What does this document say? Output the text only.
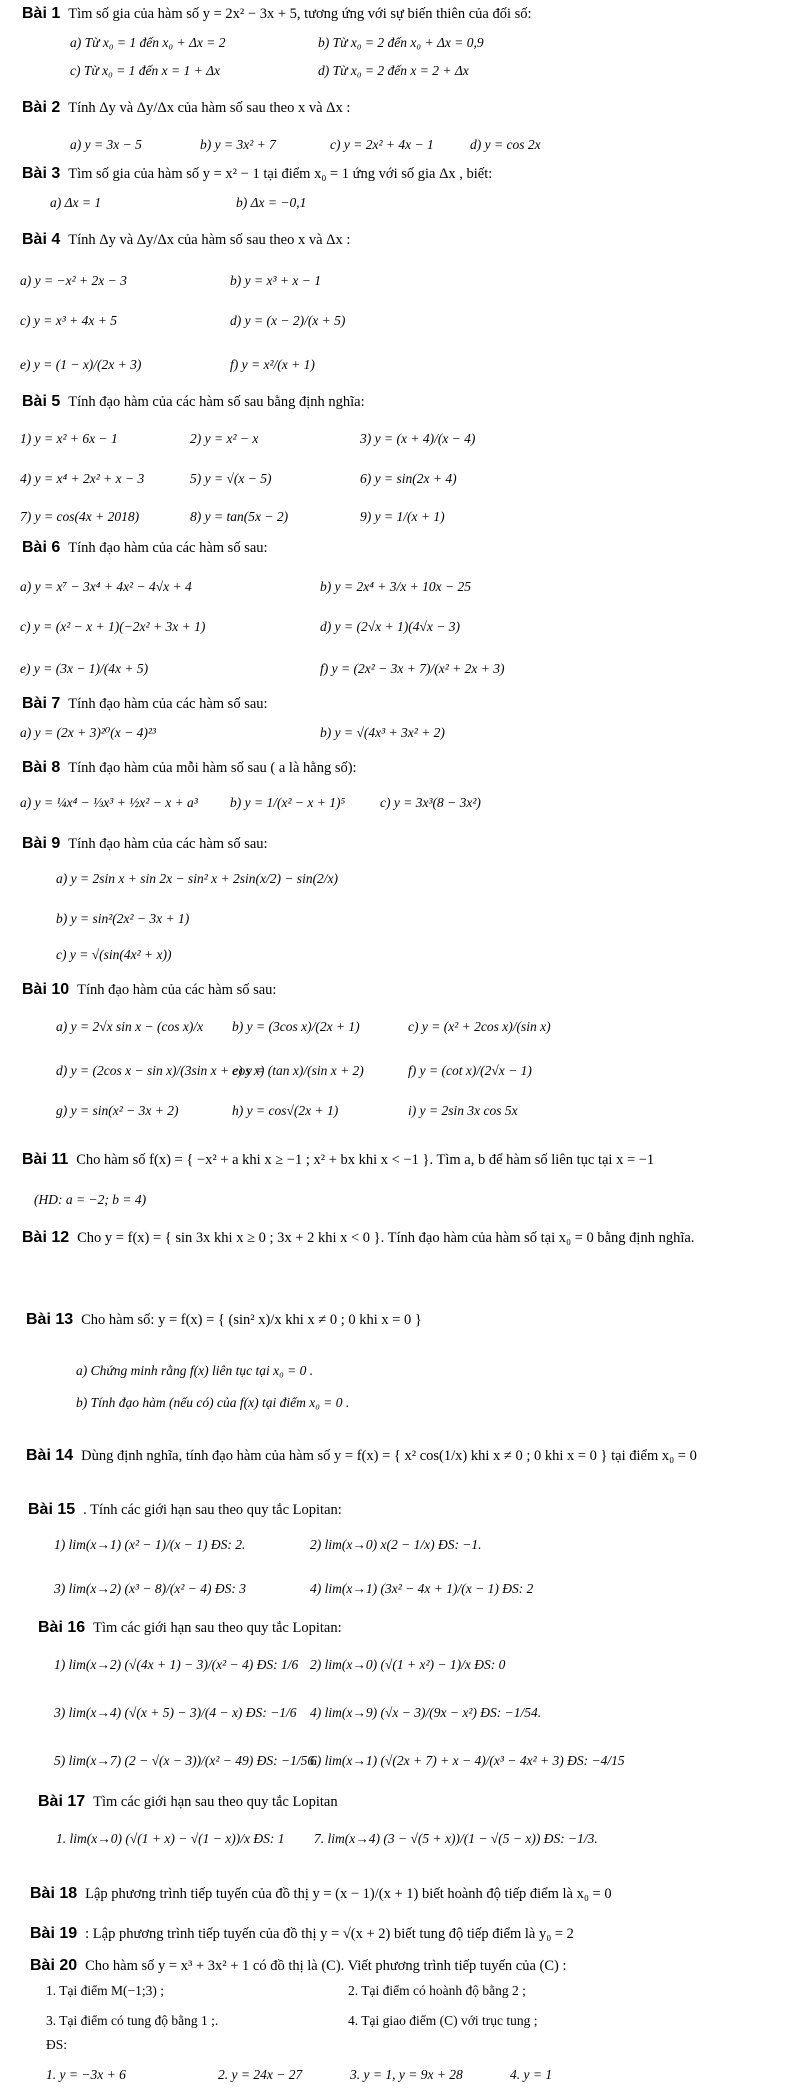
Bài 1 Tìm số gia của hàm số y = 2x² − 3x + 5, tương ứng với sự biến thiên của đối số:
a) Từ x₀ = 1 đến x₀ + Δx = 2	b) Từ x₀ = 2 đến x₀ + Δx = 0,9
c) Từ x₀ = 1 đến x = 1 + Δx	d) Từ x₀ = 2 đến x = 2 + Δx
Bài 2 Tính Δy và Δy/Δx của hàm số sau theo x và Δx :
a) y = 3x − 5	b) y = 3x² + 7	c) y = 2x² + 4x − 1	d) y = cos 2x
Bài 3 Tìm số gia của hàm số y = x² − 1 tại điểm x₀ = 1 ứng với số gia Δx , biết:
a) Δx = 1	b) Δx = −0,1
Bài 4 Tính Δy và Δy/Δx của hàm số sau theo x và Δx :
a) y = −x² + 2x − 3	b) y = x³ + x − 1
c) y = x³ + 4x + 5	d) y = (x − 2)/(x + 5)
e) y = (1 − x)/(2x + 3)	f) y = x²/(x + 1)
Bài 5 Tính đạo hàm của các hàm số sau bằng định nghĩa:
1) y = x² + 6x − 1	2) y = x² − x	3) y = (x + 4)/(x − 4)
4) y = x⁴ + 2x² + x − 3	5) y = √(x − 5)	6) y = sin(2x + 4)
7) y = cos(4x + 2018)	8) y = tan(5x − 2)	9) y = 1/(x + 1)
Bài 6 Tính đạo hàm của các hàm số sau:
a) y = x⁷ − 3x⁴ + 4x² − 4√x + 4	b) y = 2x⁴ + 3/x + 10x − 25
c) y = (x² − x + 1)(−2x² + 3x + 1)	d) y = (2√x + 1)(4√x − 3)
e) y = (3x − 1)/(4x + 5)	f) y = (2x² − 3x + 7)/(x² + 2x + 3)
Bài 7 Tính đạo hàm của các hàm số sau:
a) y = (2x + 3)²⁰(x − 4)²³	b) y = √(4x³ + 3x² + 2)
Bài 8 Tính đạo hàm của mỗi hàm số sau ( a là hằng số):
a) y = ¼x⁴ − ⅓x³ + ½x² − x + a³ b) y = 1/(x² − x + 1)⁵	c) y = 3x³(8 − 3x²)
Bài 9 Tính đạo hàm của các hàm số sau:
a) y = 2sin x + sin 2x − sin² x + 2sin(x/2) − sin(2/x)
b) y = sin²(2x² − 3x + 1)
c) y = √(sin(4x² + x))
Bài 10 Tính đạo hàm của các hàm số sau:
a) y = 2√x sin x − (cos x)/x b) y = (3cos x)/(2x + 1)	c) y = (x² + 2cos x)/(sin x)
d) y = (2cos x − sin x)/(3sin x + cos x)
e) y = (tan x)/(sin x + 2)	f) y = (cot x)/(2√x − 1)
g) y = sin(x² − 3x + 2)	h) y = cos√(2x + 1)	i) y = 2sin 3x cos 5x
Bài 11 Cho hàm số f(x) = { −x² + a khi x ≥ −1 ; x² + bx khi x < −1 }. Tìm a, b để hàm số liên tục tại x = −1
(HD: a = −2; b = 4)
Bài 12 Cho y = f(x) = { sin 3x khi x ≥ 0 ; 3x + 2 khi x < 0 }. Tính đạo hàm của hàm số tại x₀ = 0 bằng định nghĩa.
Bài 13 Cho hàm số: y = f(x) = { (sin² x)/x khi x ≠ 0 ; 0 khi x = 0 }
a) Chứng minh rằng f(x) liên tục tại x₀ = 0 .
b) Tính đạo hàm (nếu có) của f(x) tại điểm x₀ = 0 .
Bài 14 Dùng định nghĩa, tính đạo hàm của hàm số y = f(x) = { x² cos(1/x) khi x ≠ 0 ; 0 khi x = 0 } tại điểm x₀ = 0
Bài 15 . Tính các giới hạn sau theo quy tắc Lopitan:
1) lim(x→1) (x² − 1)/(x − 1) ĐS: 2.	2) lim(x→0) x(2 − 1/x) ĐS: −1.
3) lim(x→2) (x³ − 8)/(x² − 4) ĐS: 3	4) lim(x→1) (3x² − 4x + 1)/(x − 1) ĐS: 2
Bài 16 Tìm các giới hạn sau theo quy tắc Lopitan:
1) lim(x→2) (√(4x + 1) − 3)/(x² − 4) ĐS: 1/6 2) lim(x→0) (√(1 + x²) − 1)/x ĐS: 0
3) lim(x→4) (√(x + 5) − 3)/(4 − x) ĐS: −1/6 4) lim(x→9) (√x − 3)/(9x − x²) ĐS: −1/54.
5) lim(x→7) (2 − √(x − 3))/(x² − 49) ĐS: −1/56.
6) lim(x→1) (√(2x + 7) + x − 4)/(x³ − 4x² + 3) ĐS: −4/15
Bài 17 Tìm các giới hạn sau theo quy tắc Lopitan
1. lim(x→0) (√(1 + x) − √(1 − x))/x ĐS: 1 7. lim(x→4) (3 − √(5 + x))/(1 − √(5 − x)) ĐS: −1/3.
Bài 18 Lập phương trình tiếp tuyến của đồ thị y = (x − 1)/(x + 1) biết hoành độ tiếp điểm là x₀ = 0
Bài 19 : Lập phương trình tiếp tuyến của đồ thị y = √(x + 2) biết tung độ tiếp điểm là y₀ = 2
Bài 20 Cho hàm số y = x³ + 3x² + 1 có đồ thị là (C). Viết phương trình tiếp tuyến của (C) :
1. Tại điểm M(−1;3) ;	2. Tại điểm có hoành độ bằng 2 ;
3. Tại điểm có tung độ bằng 1 ;.	4. Tại giao điểm (C) với trục tung ;
ĐS:
1. y = −3x + 6	2. y = 24x − 27	3. y = 1, y = 9x + 28	4. y = 1
